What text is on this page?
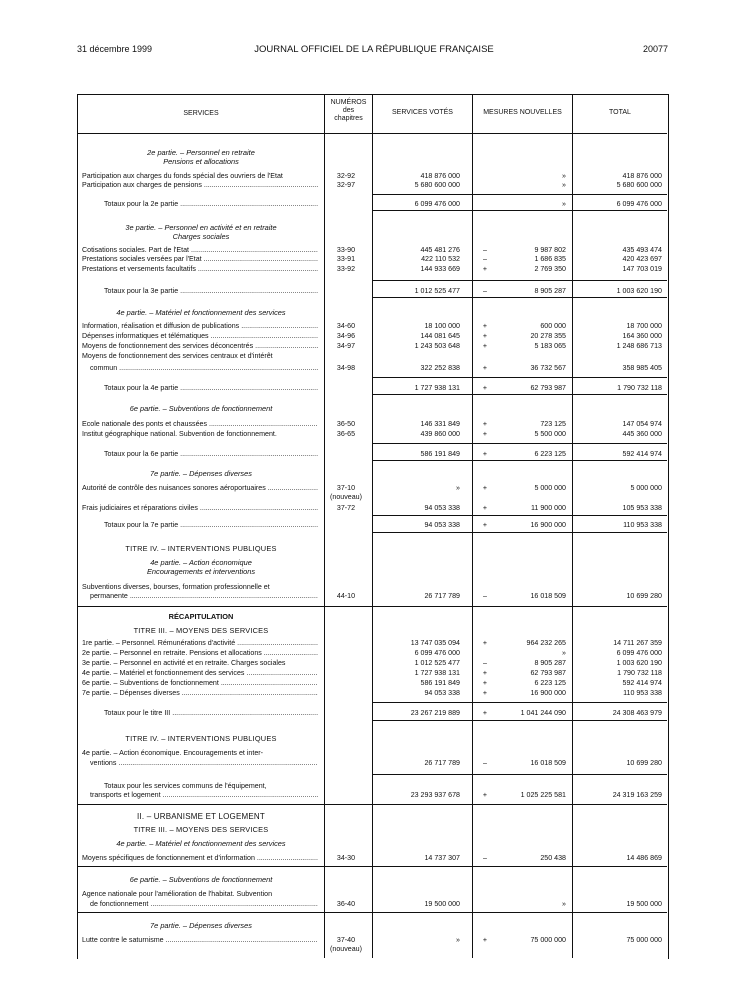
31 décembre 1999	JOURNAL OFFICIEL DE LA RÉPUBLIQUE FRANÇAISE	20077
SERVICES
NUMÉROS
des
chapitres
SERVICES VOTÉS	MESURES NOUVELLES	TOTAL
2e partie. – Personnel en retraite
Pensions et allocations
Participation aux charges du fonds spécial des ouvriers de l'Etat	32-92	418 876 000	»	418 876 000
Participation aux charges de pensions .....	32-97	5 680 600 000	»	5 680 600 000
Totaux pour la 2e partie .....	6 099 476 000	»	6 099 476 000
3e partie. – Personnel en activité et en retraite
Charges sociales
Cotisations sociales. Part de l'Etat .....	33-90	445 481 276	–	9 987 802	435 493 474
Prestations sociales versées par l'Etat .....	33-91	422 110 532	–	1 686 835	420 423 697
Prestations et versements facultatifs .....	33-92	144 933 669	+	2 769 350	147 703 019
Totaux pour la 3e partie .....	1 012 525 477	–	8 905 287	1 003 620 190
4e partie. – Matériel et fonctionnement des services
Information, réalisation et diffusion de publications .....	34-60	18 100 000	+	600 000	18 700 000
Dépenses informatiques et télématiques .....	34-96	144 081 645	+	20 278 355	164 360 000
Moyens de fonctionnement des services déconcentrés .....	34-97	1 243 503 648	+	5 183 065	1 248 686 713
Moyens de fonctionnement des services centraux et d'intérêt
commun .....	34-98	322 252 838	+	36 732 567	358 985 405
Totaux pour la 4e partie .....	1 727 938 131	+	62 793 987	1 790 732 118
6e partie. – Subventions de fonctionnement
Ecole nationale des ponts et chaussées .....	36-50	146 331 849	+	723 125	147 054 974
Institut géographique national. Subvention de fonctionnement.	36-65	439 860 000	+	5 500 000	445 360 000
Totaux pour la 6e partie .....	586 191 849	+	6 223 125	592 414 974
7e partie. – Dépenses diverses
Autorité de contrôle des nuisances sonores aéroportuaires .....	37-10	»	+	5 000 000	5 000 000
(nouveau)
Frais judiciaires et réparations civiles .....	37-72	94 053 338	+	11 900 000	105 953 338
Totaux pour la 7e partie .....	94 053 338	+	16 900 000	110 953 338
TITRE IV. – INTERVENTIONS PUBLIQUES
4e partie. – Action économique
Encouragements et interventions
Subventions diverses, bourses, formation professionnelle et
permanente .....	44-10	26 717 789	–	16 018 509	10 699 280
RÉCAPITULATION
TITRE III. – MOYENS DES SERVICES
1re partie. – Personnel. Rémunérations d'activité .....	13 747 035 094	+	964 232 265	14 711 267 359
2e partie. – Personnel en retraite. Pensions et allocations .....	6 099 476 000	»	6 099 476 000
3e partie. – Personnel en activité et en retraite. Charges sociales	1 012 525 477	–	8 905 287	1 003 620 190
4e partie. – Matériel et fonctionnement des services .....	1 727 938 131	+	62 793 987	1 790 732 118
6e partie. – Subventions de fonctionnement .....	586 191 849	+	6 223 125	592 414 974
7e partie. – Dépenses diverses .....	94 053 338	+	16 900 000	110 953 338
Totaux pour le titre III .....	23 267 219 889	+	1 041 244 090	24 308 463 979
TITRE IV. – INTERVENTIONS PUBLIQUES
4e partie. – Action économique. Encouragements et inter-
ventions .....	26 717 789	–	16 018 509	10 699 280
Totaux pour les services communs de l'équipement,
transports et logement .....	23 293 937 678	+	1 025 225 581	24 319 163 259
II. – URBANISME ET LOGEMENT
TITRE III. – MOYENS DES SERVICES
4e partie. – Matériel et fonctionnement des services
Moyens spécifiques de fonctionnement et d'information .....	34-30	14 737 307	–	250 438	14 486 869
6e partie. – Subventions de fonctionnement
Agence nationale pour l'amélioration de l'habitat. Subvention
de fonctionnement .....	36-40	19 500 000	»	19 500 000
7e partie. – Dépenses diverses
Lutte contre le saturnisme .....	37-40	»	+	75 000 000	75 000 000
(nouveau)
